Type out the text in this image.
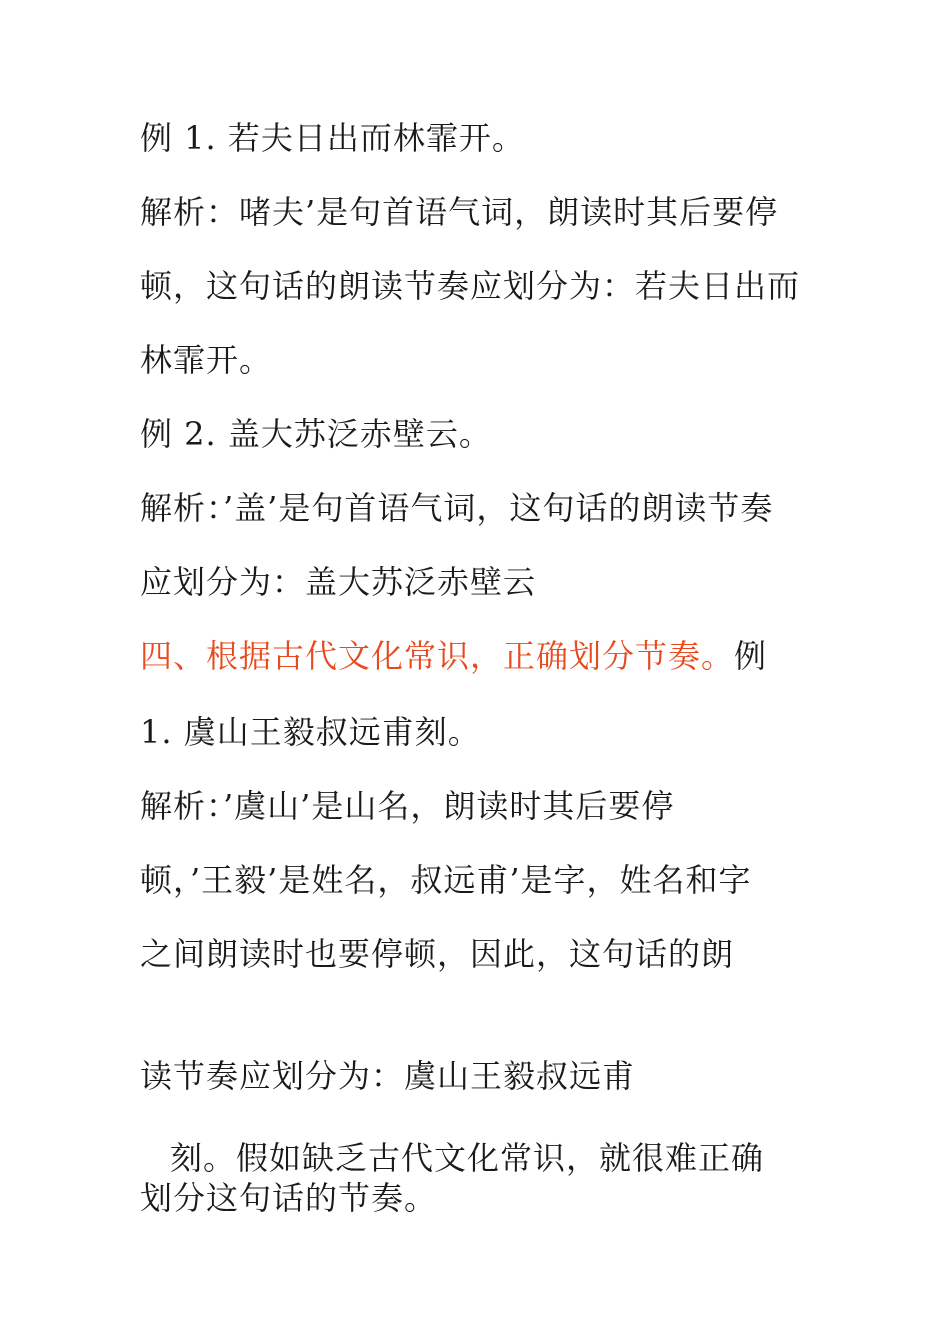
例 1. 若夫日出而林霏开。
解析：啫夫’是句首语气词，朗读时其后要停
顿，这句话的朗读节奏应划分为：若夫日出而
林霏开。
例 2. 盖大苏泛赤壁云。
解析：’盖’是句首语气词，这句话的朗读节奏
应划分为：盖大苏泛赤壁云
四、根据古代文化常识，正确划分节奏。例
1. 虞山王毅叔远甫刻。
解析：’虞山’是山名，朗读时其后要停
顿，’王毅’是姓名，叔远甫’是字，姓名和字
之间朗读时也要停顿，因此，这句话的朗
读节奏应划分为：虞山王毅叔远甫
刻。假如缺乏古代文化常识，就很难正确
划分这句话的节奏。
